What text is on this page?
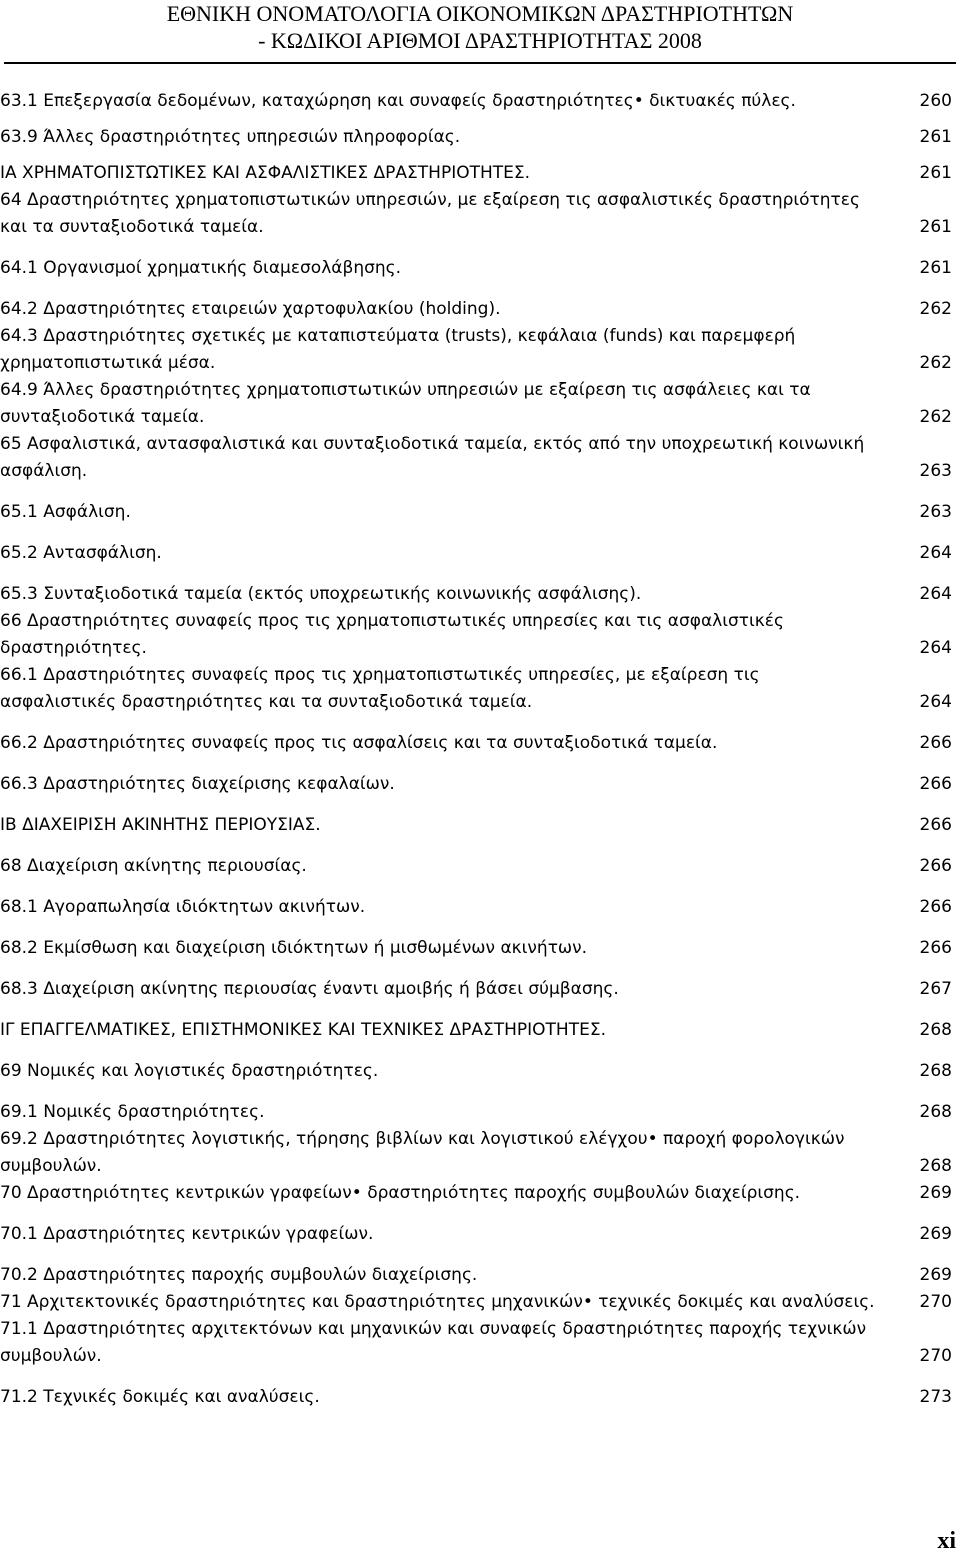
ΕΘΝΙΚΗ ΟΝΟΜΑΤΟΛΟΓΙΑ ΟΙΚΟΝΟΜΙΚΩΝ ΔΡΑΣΤΗΡΙΟΤΗΤΩΝ
- ΚΩΔΙΚΟΙ ΑΡΙΘΜΟΙ ΔΡΑΣΤΗΡΙΟΤΗΤΑΣ 2008
63.1 Επεξεργασία δεδομένων, καταχώρηση και συναφείς δραστηριότητες• δικτυακές πύλες.	260
63.9 Άλλες δραστηριότητες υπηρεσιών πληροφορίας.	261
ΙΑ ΧΡΗΜΑΤΟΠΙΣΤΩΤΙΚΕΣ ΚΑΙ ΑΣΦΑΛΙΣΤΙΚΕΣ ΔΡΑΣΤΗΡΙΟΤΗΤΕΣ.	261
64 Δραστηριότητες χρηματοπιστωτικών υπηρεσιών, με εξαίρεση τις ασφαλιστικές δραστηριότητες και τα συνταξιοδοτικά ταμεία.	261
64.1 Οργανισμοί χρηματικής διαμεσολάβησης.	261
64.2 Δραστηριότητες εταιρειών χαρτοφυλακίου (holding).	262
64.3 Δραστηριότητες σχετικές με καταπιστεύματα (trusts), κεφάλαια (funds) και παρεμφερή χρηματοπιστωτικά μέσα.	262
64.9 Άλλες δραστηριότητες χρηματοπιστωτικών υπηρεσιών με εξαίρεση τις ασφάλειες και τα συνταξιοδοτικά ταμεία.	262
65 Ασφαλιστικά, αντασφαλιστικά και συνταξιοδοτικά ταμεία, εκτός από την υποχρεωτική κοινωνική ασφάλιση.	263
65.1 Ασφάλιση.	263
65.2 Αντασφάλιση.	264
65.3 Συνταξιοδοτικά ταμεία (εκτός υποχρεωτικής κοινωνικής ασφάλισης).	264
66 Δραστηριότητες συναφείς προς τις χρηματοπιστωτικές υπηρεσίες και τις ασφαλιστικές δραστηριότητες.	264
66.1 Δραστηριότητες συναφείς προς τις χρηματοπιστωτικές υπηρεσίες, με εξαίρεση τις ασφαλιστικές δραστηριότητες και τα συνταξιοδοτικά ταμεία.	264
66.2 Δραστηριότητες συναφείς προς τις ασφαλίσεις και τα συνταξιοδοτικά ταμεία.	266
66.3 Δραστηριότητες διαχείρισης κεφαλαίων.	266
ΙΒ ΔΙΑΧΕΙΡΙΣΗ ΑΚΙΝΗΤΗΣ ΠΕΡΙΟΥΣΙΑΣ.	266
68 Διαχείριση ακίνητης περιουσίας.	266
68.1 Αγοραπωλησία ιδιόκτητων ακινήτων.	266
68.2 Εκμίσθωση και διαχείριση ιδιόκτητων ή μισθωμένων ακινήτων.	266
68.3 Διαχείριση ακίνητης περιουσίας έναντι αμοιβής ή βάσει σύμβασης.	267
ΙΓ ΕΠΑΓΓΕΛΜΑΤΙΚΕΣ, ΕΠΙΣΤΗΜΟΝΙΚΕΣ ΚΑΙ ΤΕΧΝΙΚΕΣ ΔΡΑΣΤΗΡΙΟΤΗΤΕΣ.	268
69 Νομικές και λογιστικές δραστηριότητες.	268
69.1 Νομικές δραστηριότητες.	268
69.2 Δραστηριότητες λογιστικής, τήρησης βιβλίων και λογιστικού ελέγχου• παροχή φορολογικών συμβουλών.	268
70 Δραστηριότητες κεντρικών γραφείων• δραστηριότητες παροχής συμβουλών διαχείρισης.	269
70.1 Δραστηριότητες κεντρικών γραφείων.	269
70.2 Δραστηριότητες παροχής συμβουλών διαχείρισης.	269
71 Αρχιτεκτονικές δραστηριότητες και δραστηριότητες μηχανικών• τεχνικές δοκιμές και αναλύσεις.	270
71.1 Δραστηριότητες αρχιτεκτόνων και μηχανικών και συναφείς δραστηριότητες παροχής τεχνικών συμβουλών.	270
71.2 Τεχνικές δοκιμές και αναλύσεις.	273
xi
